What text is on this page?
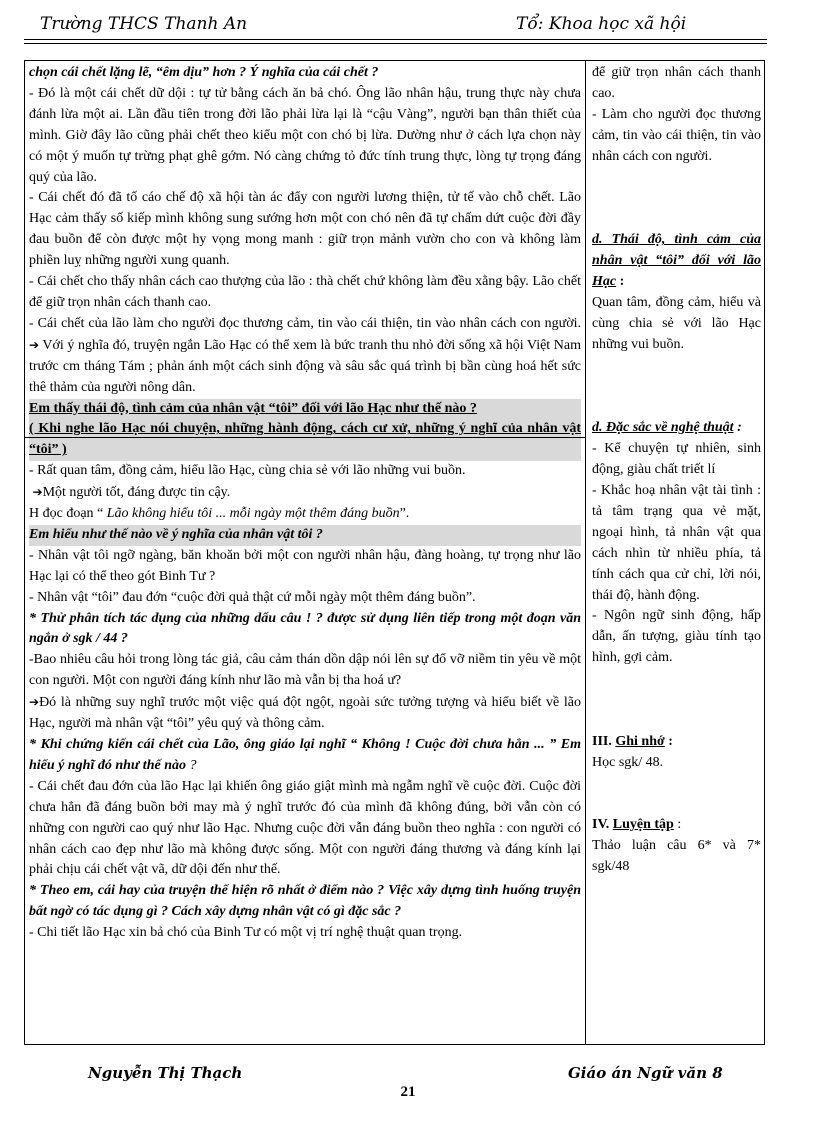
Trường THCS Thanh An	Tổ: Khoa học xã hội

chọn cái chết lặng lẽ, “êm dịu” hơn ? Ý nghĩa của cái chết ?

- Đó là một cái chết dữ dội : tự tử bằng cách ăn bả chó. Ông lão nhân hậu, trung thực này chưa đánh lừa một ai. Lần đầu tiên trong đời lão phải lừa lại là “cậu Vàng”, người bạn thân thiết của mình. Giờ đây lão cũng phải chết theo kiểu một con chó bị lừa. Dường như ở cách lựa chọn này có một ý muốn tự trừng phạt ghê gớm. Nó càng chứng tỏ đức tính trung thực, lòng tự trọng đáng quý của lão.

- Cái chết đó đã tố cáo chế độ xã hội tàn ác đẩy con người lương thiện, tử tế vào chỗ chết. Lão Hạc cảm thấy số kiếp mình không sung sướng hơn một con chó nên đã tự chấm dứt cuộc đời đầy đau buồn để còn được một hy vọng mong manh : giữ trọn mảnh vườn cho con và không làm phiền luỵ những người xung quanh.

- Cái chết cho thấy nhân cách cao thượng của lão : thà chết chứ không làm đều xằng bậy. Lão chết để giữ trọn nhân cách thanh cao.

- Cái chết của lão làm cho người đọc thương cảm, tin vào cái thiện, tin vào nhân cách con người. ➔ Với ý nghĩa đó, truyện ngắn Lão Hạc có thể xem là bức tranh thu nhỏ đời sống xã hội Việt Nam trước cm tháng Tám ; phản ánh một cách sinh động và sâu sắc quá trình bị bần cùng hoá hết sức thê thảm của người nông dân.

Em thấy thái độ, tình cảm của nhân vật “tôi” đối với lão Hạc như thế nào ?

( Khi nghe lão Hạc nói chuyện, những hành động, cách cư xử, những ý nghĩ của nhân vật “tôi” )

- Rất quan tâm, đồng cảm, hiểu lão Hạc, cùng chia sẻ với lão những vui buồn.

➔Một người tốt, đáng được tin cậy.

H đọc đoạn “ Lão không hiểu tôi ... mỗi ngày một thêm đáng buồn”.

Em hiểu như thế nào về ý nghĩa của nhân vật tôi ?

- Nhân vật tôi ngỡ ngàng, băn khoăn bởi một con người nhân hậu, đàng hoàng, tự trọng như lão Hạc lại có thể theo gót Binh Tư ?

- Nhân vật “tôi” đau đớn “cuộc đời quả thật cứ mỗi ngày một thêm đáng buồn”.

* Thử phân tích tác dụng của những dấu câu ! ? được sử dụng liên tiếp trong một đoạn văn ngắn ở sgk / 44 ?

-Bao nhiêu câu hỏi trong lòng tác giả, câu cảm thán dồn dập nói lên sự đổ vỡ niềm tin yêu về một con người. Một con người đáng kính như lão mà vẫn bị tha hoá ư?

➔Đó là những suy nghĩ trước một việc quá đột ngột, ngoài sức tưởng tượng và hiểu biết về lão Hạc, người mà nhân vật “tôi” yêu quý và thông cảm.

* Khi chứng kiến cái chết của Lão, ông giáo lại nghĩ “ Không ! Cuộc đời chưa hẳn ... ” Em hiểu ý nghĩ đó như thế nào ?

- Cái chết đau đớn của lão Hạc lại khiến ông giáo giật mình mà ngẫm nghĩ về cuộc đời. Cuộc đời chưa hẳn đã đáng buồn bởi may mà ý nghĩ trước đó của mình đã không đúng, bởi vẫn còn có những con người cao quý như lão Hạc. Nhưng cuộc đời vẫn đáng buồn theo nghĩa : con người có nhân cách cao đẹp như lão mà không được sống. Một con người đáng thương và đáng kính lại phải chịu cái chết vật vã, dữ dội đến như thế.

* Theo em, cái hay của truyện thể hiện rõ nhất ở điểm nào ? Việc xây dựng tình huống truyện bất ngờ có tác dụng gì ? Cách xây dựng nhân vật có gì đặc sắc ?

- Chi tiết lão Hạc xin bả chó của Binh Tư có một vị trí nghệ thuật quan trọng.

để giữ trọn nhân cách thanh cao.

- Làm cho người đọc thương cảm, tin vào cái thiện, tin vào nhân cách con người.

d. Thái độ, tình cảm của nhân vật “tôi” đối với lão Hạc :

Quan tâm, đồng cảm, hiểu và cùng chia sẻ với lão Hạc những vui buồn.

d. Đặc sắc về nghệ thuật :

- Kể chuyện tự nhiên, sinh động, giàu chất triết lí

- Khắc hoạ nhân vật tài tình : tả tâm trạng qua vẻ mặt, ngoại hình, tả nhân vật qua cách nhìn từ nhiều phía, tả tính cách qua cử chỉ, lời nói, thái độ, hành động.

- Ngôn ngữ sinh động, hấp dẫn, ấn tượng, giàu tính tạo hình, gợi cảm.

III. Ghi nhớ :

Học sgk/ 48.

IV. Luyện tập :

Thảo luận câu 6* và 7* sgk/48

Nguyễn Thị Thạch	Giáo án Ngữ văn 8
21
